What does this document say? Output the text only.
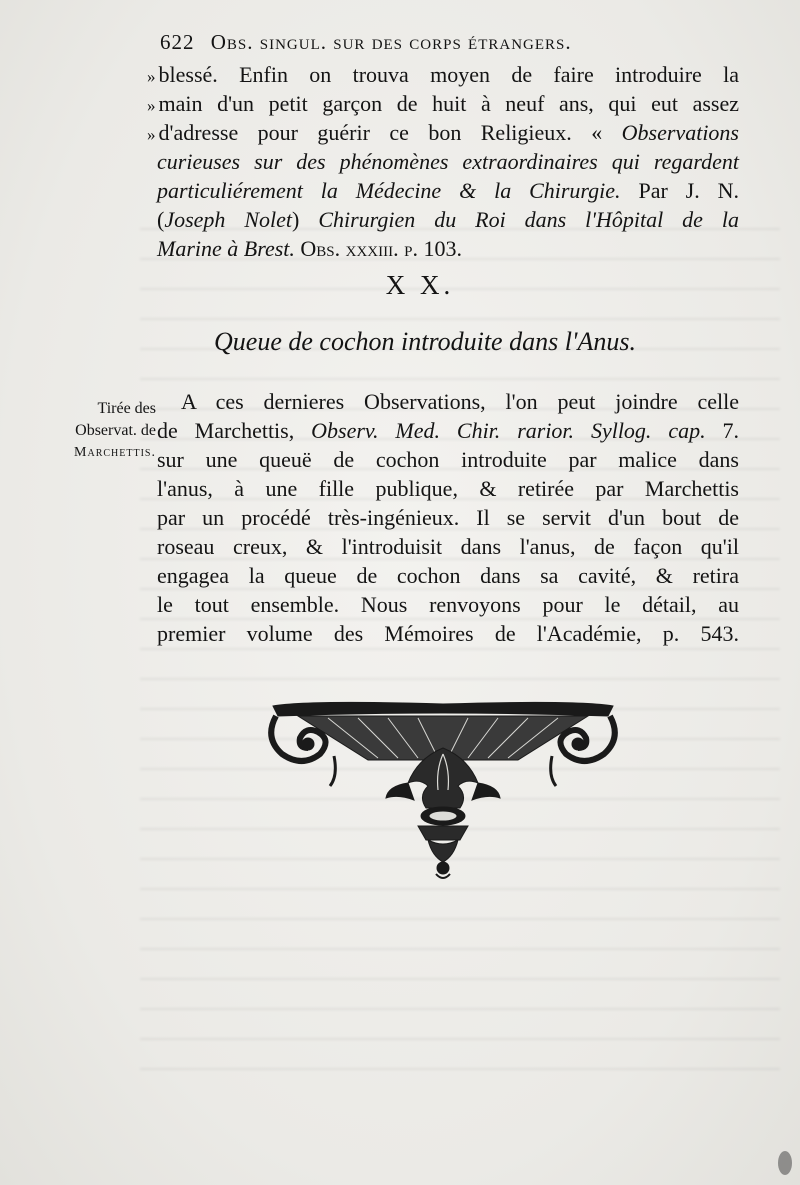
622 Obs. singul. sur des corps étrangers.
» blessé. Enfin on trouva moyen de faire introduire la
» main d'un petit garçon de huit à neuf ans, qui eut assez
» d'adresse pour guérir ce bon Religieux. « Observations
curieuses sur des phénomènes extraordinaires qui regardent
particuliérement la Médecine & la Chirurgie. Par J. N.
(Joseph Nolet) Chirurgien du Roi dans l'Hôpital de la
Marine à Brest. Obs. xxxiii. p. 103.
X X.
Queue de cochon introduite dans l'Anus.
Tirée des
Observat. de
Marchettis.
A ces dernieres Observations, l'on peut joindre celle
de Marchettis, Observ. Med. Chir. rarior. Syllog. cap. 7.
sur une queuë de cochon introduite par malice dans
l'anus, à une fille publique, & retirée par Marchettis
par un procédé très-ingénieux. Il se servit d'un bout de
roseau creux, & l'introduisit dans l'anus, de façon qu'il
engagea la queue de cochon dans sa cavité, & retira
le tout ensemble. Nous renvoyons pour le détail, au
premier volume des Mémoires de l'Académie, p. 543.
